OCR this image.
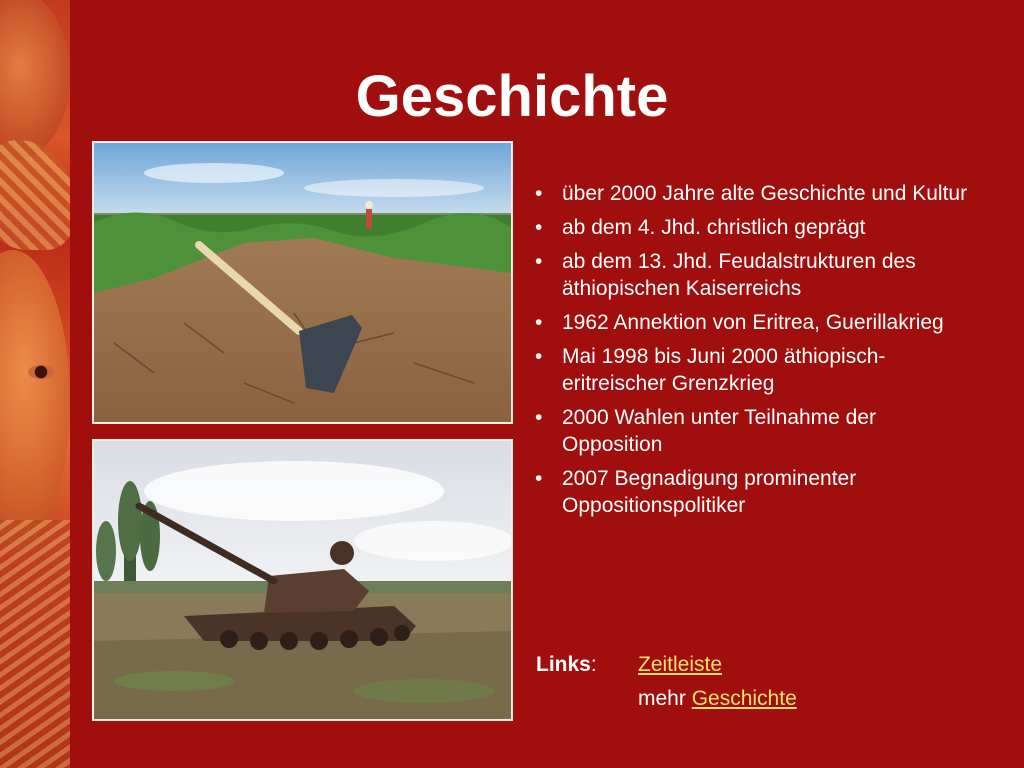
Geschichte
• über 2000 Jahre alte Geschichte und Kultur
• ab dem 4. Jhd. christlich geprägt
• ab dem 13. Jhd. Feudalstrukturen des äthiopischen Kaiserreichs
• 1962 Annektion von Eritrea, Guerillakrieg
• Mai 1998 bis Juni 2000 äthiopisch-eritreischer Grenzkrieg
• 2000 Wahlen unter Teilnahme der Opposition
• 2007 Begnadigung prominenter Oppositionspolitiker
Links: Zeitleiste
mehr Geschichte
